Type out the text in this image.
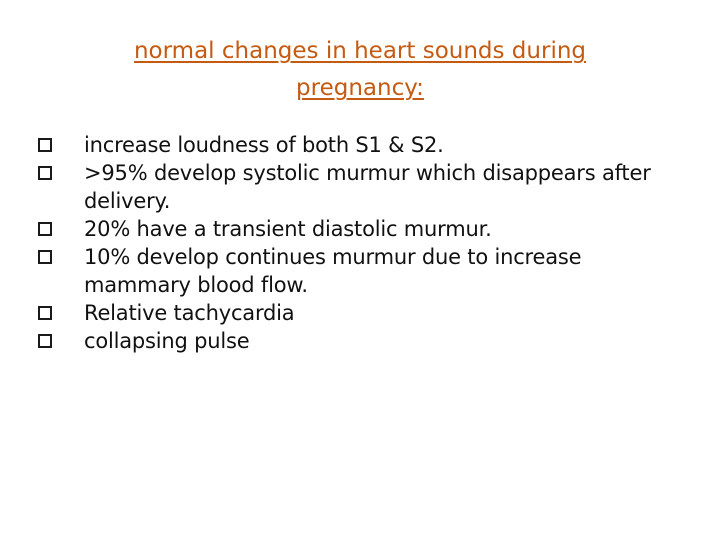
normal changes in heart sounds during
pregnancy:
increase loudness of both S1 & S2.
>95% develop systolic murmur which disappears after delivery.
20% have a transient diastolic murmur.
10% develop continues murmur due to increase mammary blood flow.
Relative tachycardia
collapsing pulse
